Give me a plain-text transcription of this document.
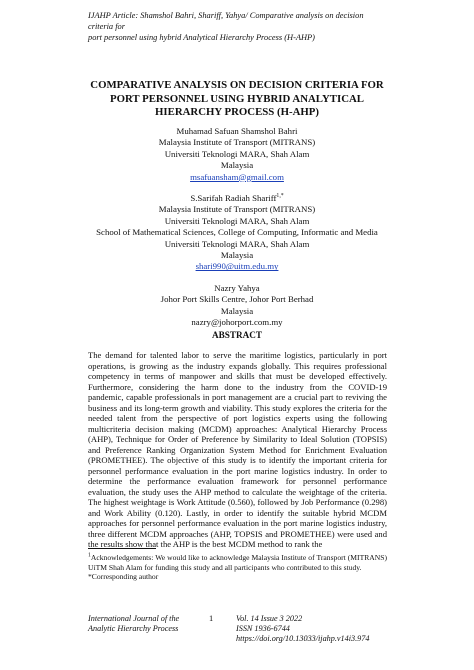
IJAHP Article: Shamshol Bahri, Shariff, Yahya/ Comparative analysis on decision criteria for
port personnel using hybrid Analytical Hierarchy Process (H-AHP)
COMPARATIVE ANALYSIS ON DECISION CRITERIA FOR
PORT PERSONNEL USING HYBRID ANALYTICAL
HIERARCHY PROCESS (H-AHP)

Muhamad Safuan Shamshol Bahri

Malaysia Institute of Transport (MITRANS)

Universiti Teknologi MARA, Shah Alam

Malaysia

msafuansham@gmail.com

S.Sarifah Radiah Shariff$^{1,*}$

Malaysia Institute of Transport (MITRANS)

Universiti Teknologi MARA, Shah Alam

School of Mathematical Sciences, College of Computing, Informatic and Media

Universiti Teknologi MARA, Shah Alam

Malaysia

shari990@uitm.edu.my

Nazry Yahya

Johor Port Skills Centre, Johor Port Berhad

Malaysia

nazry@johorport.com.my

ABSTRACT

The demand for talented labor to serve the maritime logistics, particularly in port operations, is growing as the industry expands globally. This requires professional competency in terms of manpower and skills that must be developed effectively. Furthermore, considering the harm done to the industry from the COVID-19 pandemic, capable professionals in port management are a crucial part to reviving the business and its long-term growth and viability. This study explores the criteria for the needed talent from the perspective of port logistics experts using the following multicriteria decision making (MCDM) approaches: Analytical Hierarchy Process (AHP), Technique for Order of Preference by Similarity to Ideal Solution (TOPSIS) and Preference Ranking Organization System Method for Enrichment Evaluation (PROMETHEE). The objective of this study is to identify the important criteria for personnel performance evaluation in the port marine logistics industry. In order to determine the performance evaluation framework for personnel performance evaluation, the study uses the AHP method to calculate the weightage of the criteria. The highest weightage is Work Attitude (0.560), followed by Job Performance (0.298) and Work Ability (0.120). Lastly, in order to identify the suitable hybrid MCDM approaches for personnel performance evaluation in the port marine logistics industry, three different MCDM approaches (AHP, TOPSIS and PROMETHEE) were used and the results show that the AHP is the best MCDM method to rank the

$^1$Acknowledgements: We would like to acknowledge Malaysia Institute of Transport (MITRANS) UiTM Shah Alam for funding this study and all participants who contributed to this study.

*Corresponding author

International Journal of the
Analytic Hierarchy Process
1	Vol. 14 Issue 3 2022
ISSN 1936-6744
https://doi.org/10.13033/ijahp.v14i3.974
